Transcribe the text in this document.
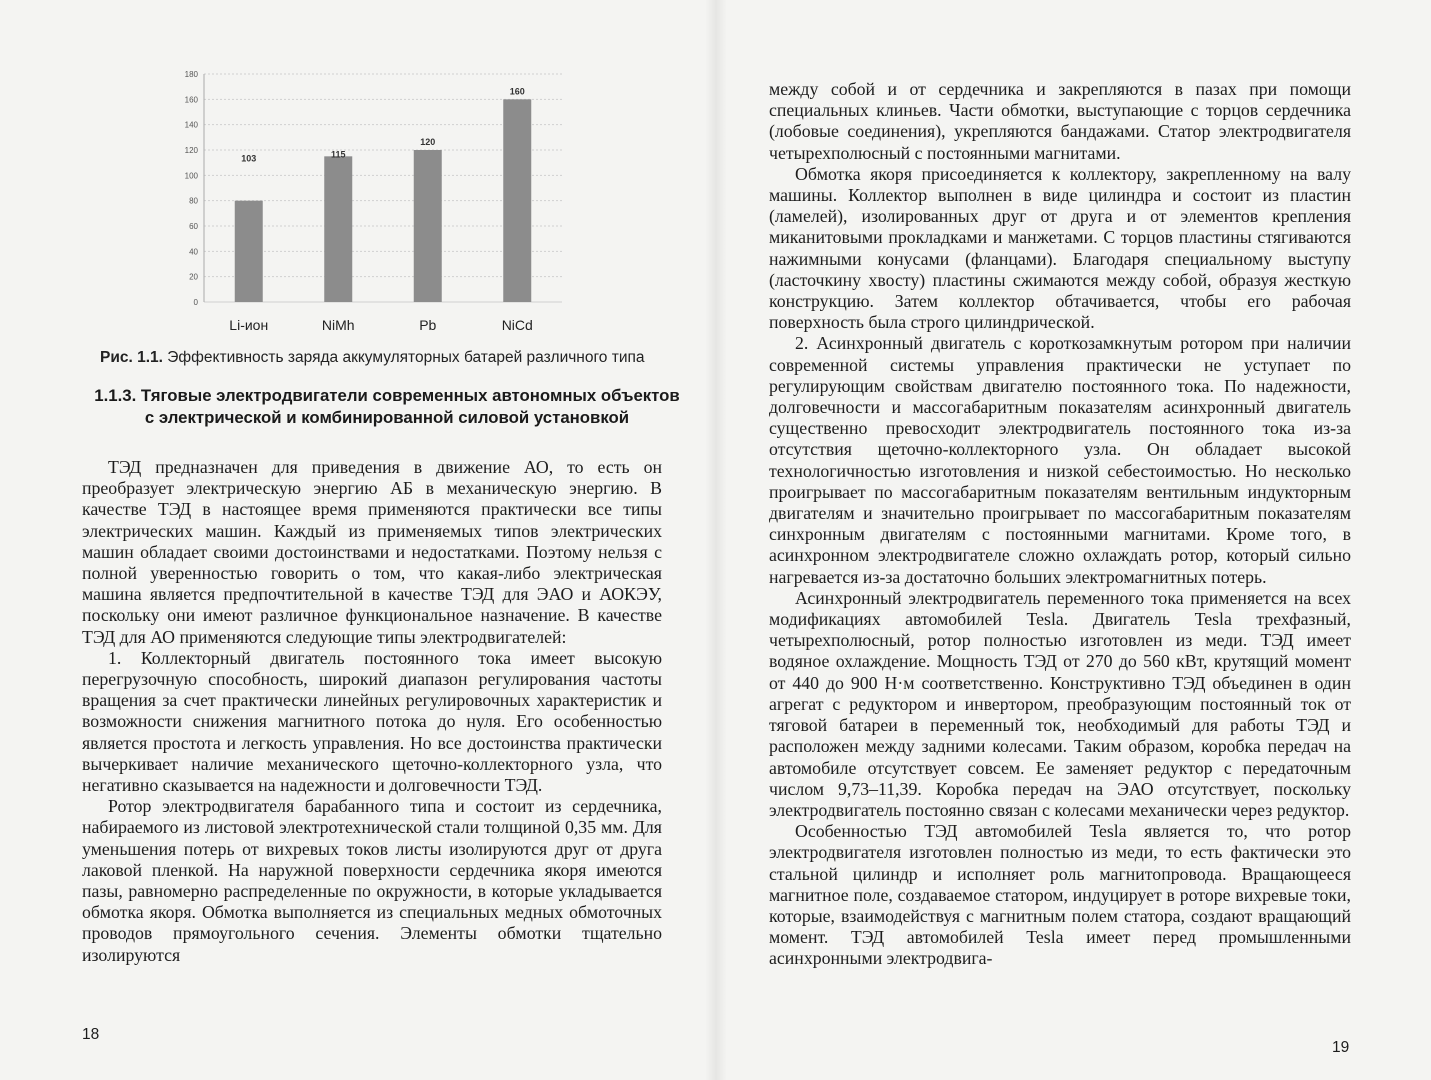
0
20
40
60
80
100
120
140
160
180
103
Li-ион
115
NiMh
120
Pb
160
NiCd
Рис. 1.1. Эффективность заряда аккумуляторных батарей различного типа
1.1.3. Тяговые электродвигатели современных автономных объектов с электрической и комбинированной силовой установкой

ТЭД предназначен для приведения в движение АО, то есть он преобразует электрическую энергию АБ в механическую энергию. В качестве ТЭД в настоящее время применяются практически все типы электрических машин. Каждый из применяемых типов электрических машин обладает своими достоинствами и недостатками. Поэтому нельзя с полной уверенностью говорить о том, что какая-либо электрическая машина является предпочтительной в качестве ТЭД для ЭАО и АОКЭУ, поскольку они имеют различное функциональное назначение. В качестве ТЭД для АО применяются следующие типы электродвигателей:

1. Коллекторный двигатель постоянного тока имеет высокую перегрузочную способность, широкий диапазон регулирования частоты вращения за счет практически линейных регулировочных характеристик и возможности снижения магнитного потока до нуля. Его особенностью является простота и легкость управления. Но все достоинства практически вычеркивает наличие механического щеточно-коллекторного узла, что негативно сказывается на надежности и долговечности ТЭД.

Ротор электродвигателя барабанного типа и состоит из сердечника, набираемого из листовой электротехнической стали толщиной 0,35 мм. Для уменьшения потерь от вихревых токов листы изолируются друг от друга лаковой пленкой. На наружной поверхности сердечника якоря имеются пазы, равномерно распределенные по окружности, в которые укладывается обмотка якоря. Обмотка выполняется из специальных медных обмоточных проводов прямоугольного сечения. Элементы обмотки тщательно изолируются

18

между собой и от сердечника и закрепляются в пазах при помощи специальных клиньев. Части обмотки, выступающие с торцов сердечника (лобовые соединения), укрепляются бандажами. Статор электродвигателя четырехполюсный с постоянными магнитами.

Обмотка якоря присоединяется к коллектору, закрепленному на валу машины. Коллектор выполнен в виде цилиндра и состоит из пластин (ламелей), изолированных друг от друга и от элементов крепления миканитовыми прокладками и манжетами. С торцов пластины стягиваются нажимными конусами (фланцами). Благодаря специальному выступу (ласточкину хвосту) пластины сжимаются между собой, образуя жесткую конструкцию. Затем коллектор обтачивается, чтобы его рабочая поверхность была строго цилиндрической.

2. Асинхронный двигатель с короткозамкнутым ротором при наличии современной системы управления практически не уступает по регулирующим свойствам двигателю постоянного тока. По надежности, долговечности и массогабаритным показателям асинхронный двигатель существенно превосходит электродвигатель постоянного тока из-за отсутствия щеточно-коллекторного узла. Он обладает высокой технологичностью изготовления и низкой себестоимостью. Но несколько проигрывает по массогабаритным показателям вентильным индукторным двигателям и значительно проигрывает по массогабаритным показателям синхронным двигателям с постоянными магнитами. Кроме того, в асинхронном электродвигателе сложно охлаждать ротор, который сильно нагревается из-за достаточно больших электромагнитных потерь.

Асинхронный электродвигатель переменного тока применяется на всех модификациях автомобилей Tesla. Двигатель Tesla трехфазный, четырехполюсный, ротор полностью изготовлен из меди. ТЭД имеет водяное охлаждение. Мощность ТЭД от 270 до 560 кВт, крутящий момент от 440 до 900 Н·м соответственно. Конструктивно ТЭД объединен в один агрегат с редуктором и инвертором, преобразующим постоянный ток от тяговой батареи в переменный ток, необходимый для работы ТЭД и расположен между задними колесами. Таким образом, коробка передач на автомобиле отсутствует совсем. Ее заменяет редуктор с передаточным числом 9,73–11,39. Коробка передач на ЭАО отсутствует, поскольку электродвигатель постоянно связан с колесами механически через редуктор.

Особенностью ТЭД автомобилей Tesla является то, что ротор электродвигателя изготовлен полностью из меди, то есть фактически это стальной цилиндр и исполняет роль магнитопровода. Вращающееся магнитное поле, создаваемое статором, индуцирует в роторе вихревые токи, которые, взаимодействуя с магнитным полем статора, создают вращающий момент. ТЭД автомобилей Tesla имеет перед промышленными асинхронными электродвига-

19
